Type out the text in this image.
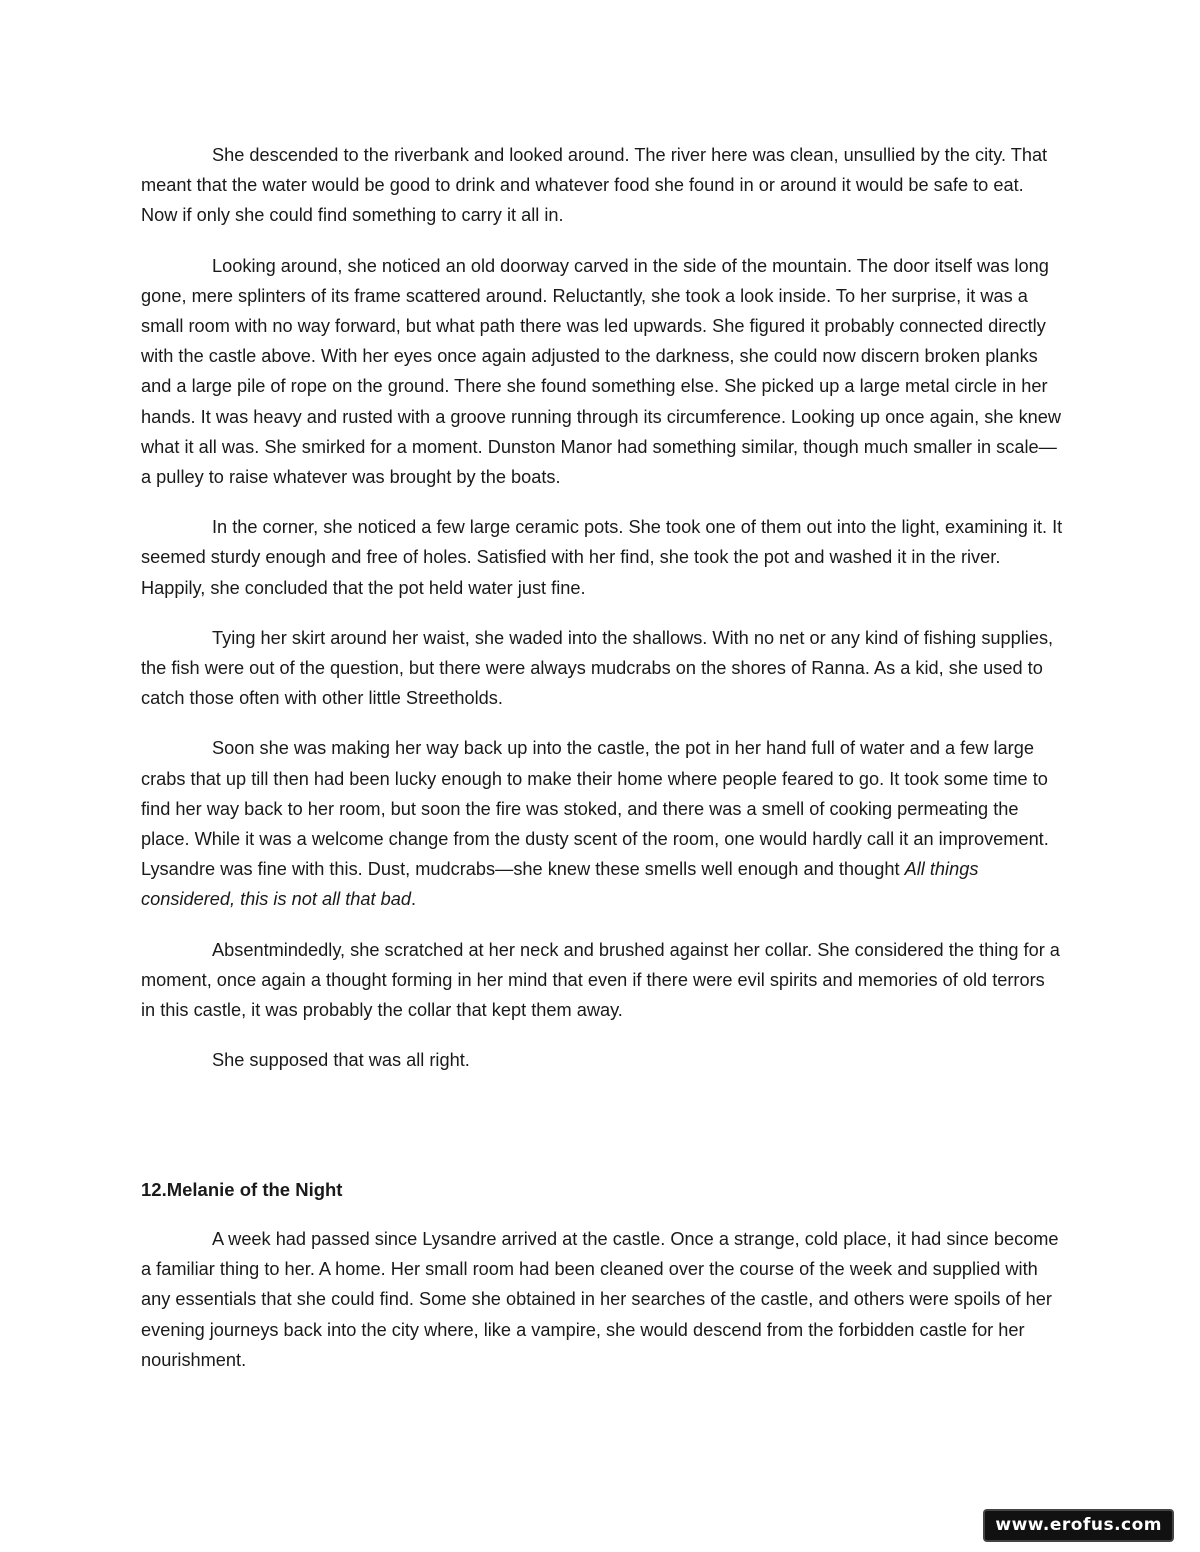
She descended to the riverbank and looked around. The river here was clean, unsullied by the city. That meant that the water would be good to drink and whatever food she found in or around it would be safe to eat. Now if only she could find something to carry it all in.

Looking around, she noticed an old doorway carved in the side of the mountain. The door itself was long gone, mere splinters of its frame scattered around. Reluctantly, she took a look inside. To her surprise, it was a small room with no way forward, but what path there was led upwards. She figured it probably connected directly with the castle above. With her eyes once again adjusted to the darkness, she could now discern broken planks and a large pile of rope on the ground. There she found something else. She picked up a large metal circle in her hands. It was heavy and rusted with a groove running through its circumference. Looking up once again, she knew what it all was. She smirked for a moment. Dunston Manor had something similar, though much smaller in scale—a pulley to raise whatever was brought by the boats.

In the corner, she noticed a few large ceramic pots. She took one of them out into the light, examining it. It seemed sturdy enough and free of holes. Satisfied with her find, she took the pot and washed it in the river. Happily, she concluded that the pot held water just fine.

Tying her skirt around her waist, she waded into the shallows. With no net or any kind of fishing supplies, the fish were out of the question, but there were always mudcrabs on the shores of Ranna. As a kid, she used to catch those often with other little Streetholds.

Soon she was making her way back up into the castle, the pot in her hand full of water and a few large crabs that up till then had been lucky enough to make their home where people feared to go. It took some time to find her way back to her room, but soon the fire was stoked, and there was a smell of cooking permeating the place. While it was a welcome change from the dusty scent of the room, one would hardly call it an improvement. Lysandre was fine with this. Dust, mudcrabs—she knew these smells well enough and thought All things considered, this is not all that bad.

Absentmindedly, she scratched at her neck and brushed against her collar. She considered the thing for a moment, once again a thought forming in her mind that even if there were evil spirits and memories of old terrors in this castle, it was probably the collar that kept them away.

She supposed that was all right.

12.Melanie of the Night

A week had passed since Lysandre arrived at the castle. Once a strange, cold place, it had since become a familiar thing to her. A home. Her small room had been cleaned over the course of the week and supplied with any essentials that she could find. Some she obtained in her searches of the castle, and others were spoils of her evening journeys back into the city where, like a vampire, she would descend from the forbidden castle for her nourishment.

www.erofus.com
